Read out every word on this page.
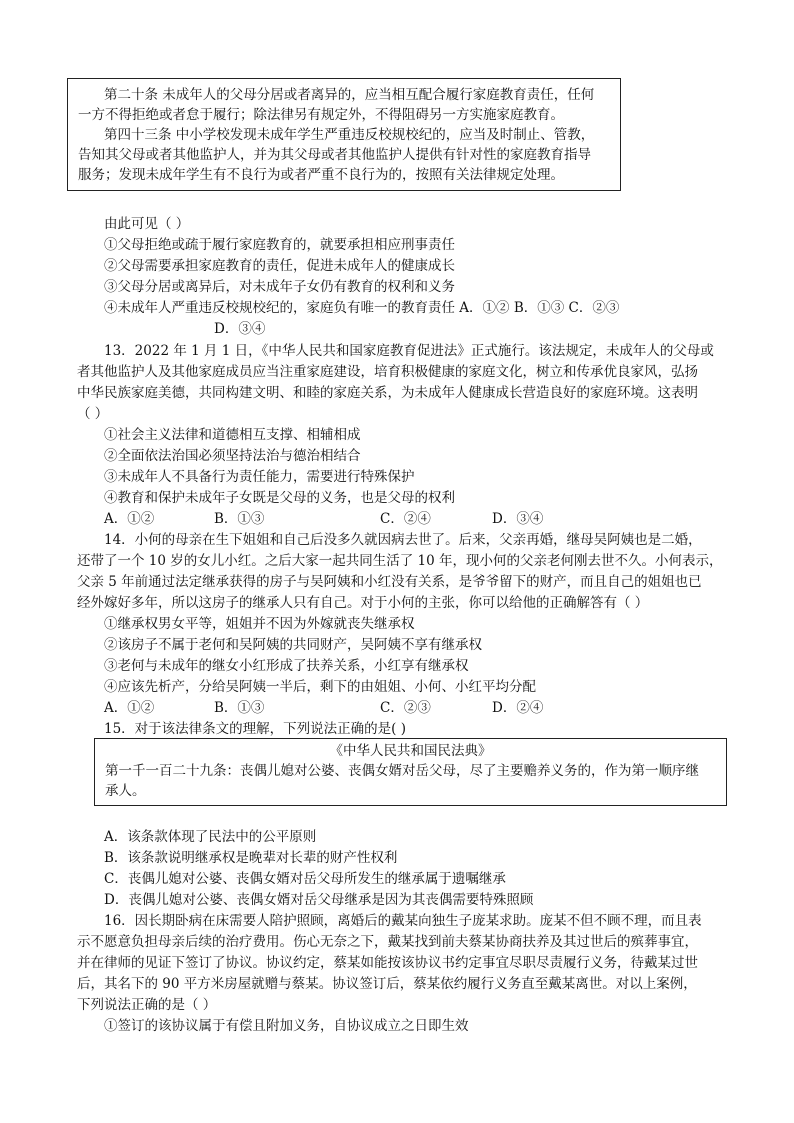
第二十条 未成年人的父母分居或者离异的，应当相互配合履行家庭教育责任，任何
一方不得拒绝或者怠于履行；除法律另有规定外，不得阻碍另一方实施家庭教育。
第四十三条 中小学校发现未成年学生严重违反校规校纪的，应当及时制止、管教，
告知其父母或者其他监护人，并为其父母或者其他监护人提供有针对性的家庭教育指导
服务；发现未成年学生有不良行为或者严重不良行为的，按照有关法律规定处理。
由此可见（ ）
①父母拒绝或疏于履行家庭教育的，就要承担相应刑事责任
②父母需要承担家庭教育的责任，促进未成年人的健康成长
③父母分居或离异后，对未成年子女仍有教育的权利和义务
④未成年人严重违反校规校纪的，家庭负有唯一的教育责任 A．①② B．①③ C．②③
D．③④
13．2022 年 1 月 1 日，《中华人民共和国家庭教育促进法》正式施行。该法规定，未成年人的父母或
者其他监护人及其他家庭成员应当注重家庭建设，培育积极健康的家庭文化，树立和传承优良家风，弘扬
中华民族家庭美德，共同构建文明、和睦的家庭关系，为未成年人健康成长营造良好的家庭环境。这表明
（ ）
①社会主义法律和道德相互支撑、相辅相成
②全面依法治国必须坚持法治与德治相结合
③未成年人不具备行为责任能力，需要进行特殊保护
④教育和保护未成年子女既是父母的义务，也是父母的权利
A．①②	B．①③	C．②④	D．③④
14．小何的母亲在生下姐姐和自己后没多久就因病去世了。后来，父亲再婚，继母吴阿姨也是二婚，
还带了一个 10 岁的女儿小红。之后大家一起共同生活了 10 年，现小何的父亲老何刚去世不久。小何表示，
父亲 5 年前通过法定继承获得的房子与吴阿姨和小红没有关系，是爷爷留下的财产，而且自己的姐姐也已
经外嫁好多年，所以这房子的继承人只有自己。对于小何的主张，你可以给他的正确解答有（ ）
①继承权男女平等，姐姐并不因为外嫁就丧失继承权
②该房子不属于老何和吴阿姨的共同财产，吴阿姨不享有继承权
③老何与未成年的继女小红形成了扶养关系，小红享有继承权
④应该先析产，分给吴阿姨一半后，剩下的由姐姐、小何、小红平均分配
A．①②	B．①③	C．②③	D．②④
15．对于该法律条文的理解，下列说法正确的是( )
《中华人民共和国民法典》
第一千一百二十九条：丧偶儿媳对公婆、丧偶女婿对岳父母，尽了主要赡养义务的，作为第一顺序继
承人。
A．该条款体现了民法中的公平原则
B．该条款说明继承权是晚辈对长辈的财产性权利
C．丧偶儿媳对公婆、丧偶女婿对岳父母所发生的继承属于遗嘱继承
D．丧偶儿媳对公婆、丧偶女婿对岳父母继承是因为其丧偶需要特殊照顾
16．因长期卧病在床需要人陪护照顾，离婚后的戴某向独生子庞某求助。庞某不但不顾不理，而且表
示不愿意负担母亲后续的治疗费用。伤心无奈之下，戴某找到前夫蔡某协商扶养及其过世后的殡葬事宜，
并在律师的见证下签订了协议。协议约定，蔡某如能按该协议书约定事宜尽职尽责履行义务，待戴某过世
后，其名下的 90 平方米房屋就赠与蔡某。协议签订后，蔡某依约履行义务直至戴某离世。对以上案例，
下列说法正确的是（ ）
①签订的该协议属于有偿且附加义务，自协议成立之日即生效
